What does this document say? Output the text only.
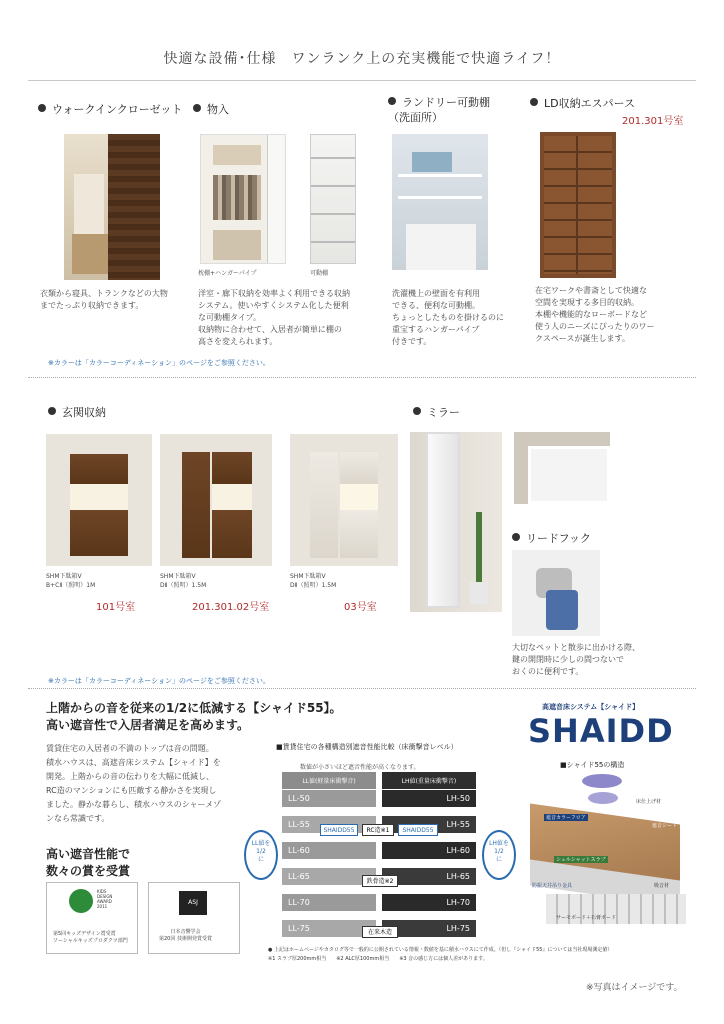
快適な設備･仕様　ワンランク上の充実機能で快適ライフ！
ウォークインクローゼット	物入
ランドリー可動棚
（洗面所）
LD収納エスパース
201.301号室
枕棚+ハンガーパイプ	可動棚
衣類から寝具、トランクなどの大物
までたっぷり収納できます。
洋室・廊下収納を効率よく利用できる収納
システム。使いやすくシステム化した便利
な可動棚タイプ。
収納物に合わせて、入居者が簡単に棚の
高さを変えられます。
洗濯機上の壁面を有利用
できる、便利な可動棚。
ちょっとしたものを掛けるのに
重宝するハンガーパイプ
付きです。
在宅ワークや書斎として快適な
空間を実現する多目的収納。
本棚や機能的なローボードなど
使う人のニーズにぴったりのワー
クスペースが誕生します。
※カラーは「カラーコーディネーション」のページをご参照ください。
玄関収納	ミラー
SHM下駄箱Ⅴ
B+CⅡ（照明）1M
SHM下駄箱Ⅴ
DⅡ（照明）1.5M
SHM下駄箱Ⅴ
DⅡ（照明）1.5M
101号室	201.301.02号室	03号室
リードフック
大切なペットと散歩に出かける際、
鍵の開閉時に少しの間つないで
おくのに便利です。
※カラーは「カラーコーディネーション」のページをご参照ください。
上階からの音を従来の1/2に低減する【シャイド55】。
高い遮音性で入居者満足を高めます。
賃貸住宅の入居者の不満のトップは音の問題。
積水ハウスは、高遮音床システム【シャイド】を
開発。上階からの音の伝わりを大幅に低減し、
RC造のマンションにも匹敵する静かさを実現し
ました。静かな暮らし、積水ハウスのシャーメゾ
ンなら常識です。
高い遮音性能で
数々の賞を受賞
KIDS
DESIGN
AWARD
2011
第5回キッズデザイン賞受賞
ソーシャルキッズプロダクツ部門
ASJ
日本音響学会
第20回 技術開発賞受賞
■賃貸住宅の各種構造別遮音性能比較（床衝撃音レベル）
数値が小さいほど遮音性能が高くなります。
LL値(軽量床衝撃音)	LH値(重量床衝撃音)
LL-50	LH-50
LL-55	LH-55
LL-60	LH-60
LL-65	LH-65
LL-70	LH-70
LL-75	LH-75
SHAIDD55	RC造※1	SHAIDD55
鉄骨造※2
在来木造
LL値を
1/2
に
LH値を
1/2
に
高遮音床システム【シャイド】
SHAIDD
■シャイド55の構造
床仕上げ材
パーティクルボード
遮音シート
遮音カラーフロア
シェルシャットスラブ
防振天井吊り金具	吸音材
サーモボード＋石膏ボード
● 上記はホームページやカタログ等で一般的に公開されている情報・数値を基に積水ハウスにて作成。（但し『シャイド55』については当社現場測定値）
※1 スラブ厚200mm相当　　※2 ALC厚100mm相当　　※3 音の感じ方には個人差があります。
※写真はイメージです。
